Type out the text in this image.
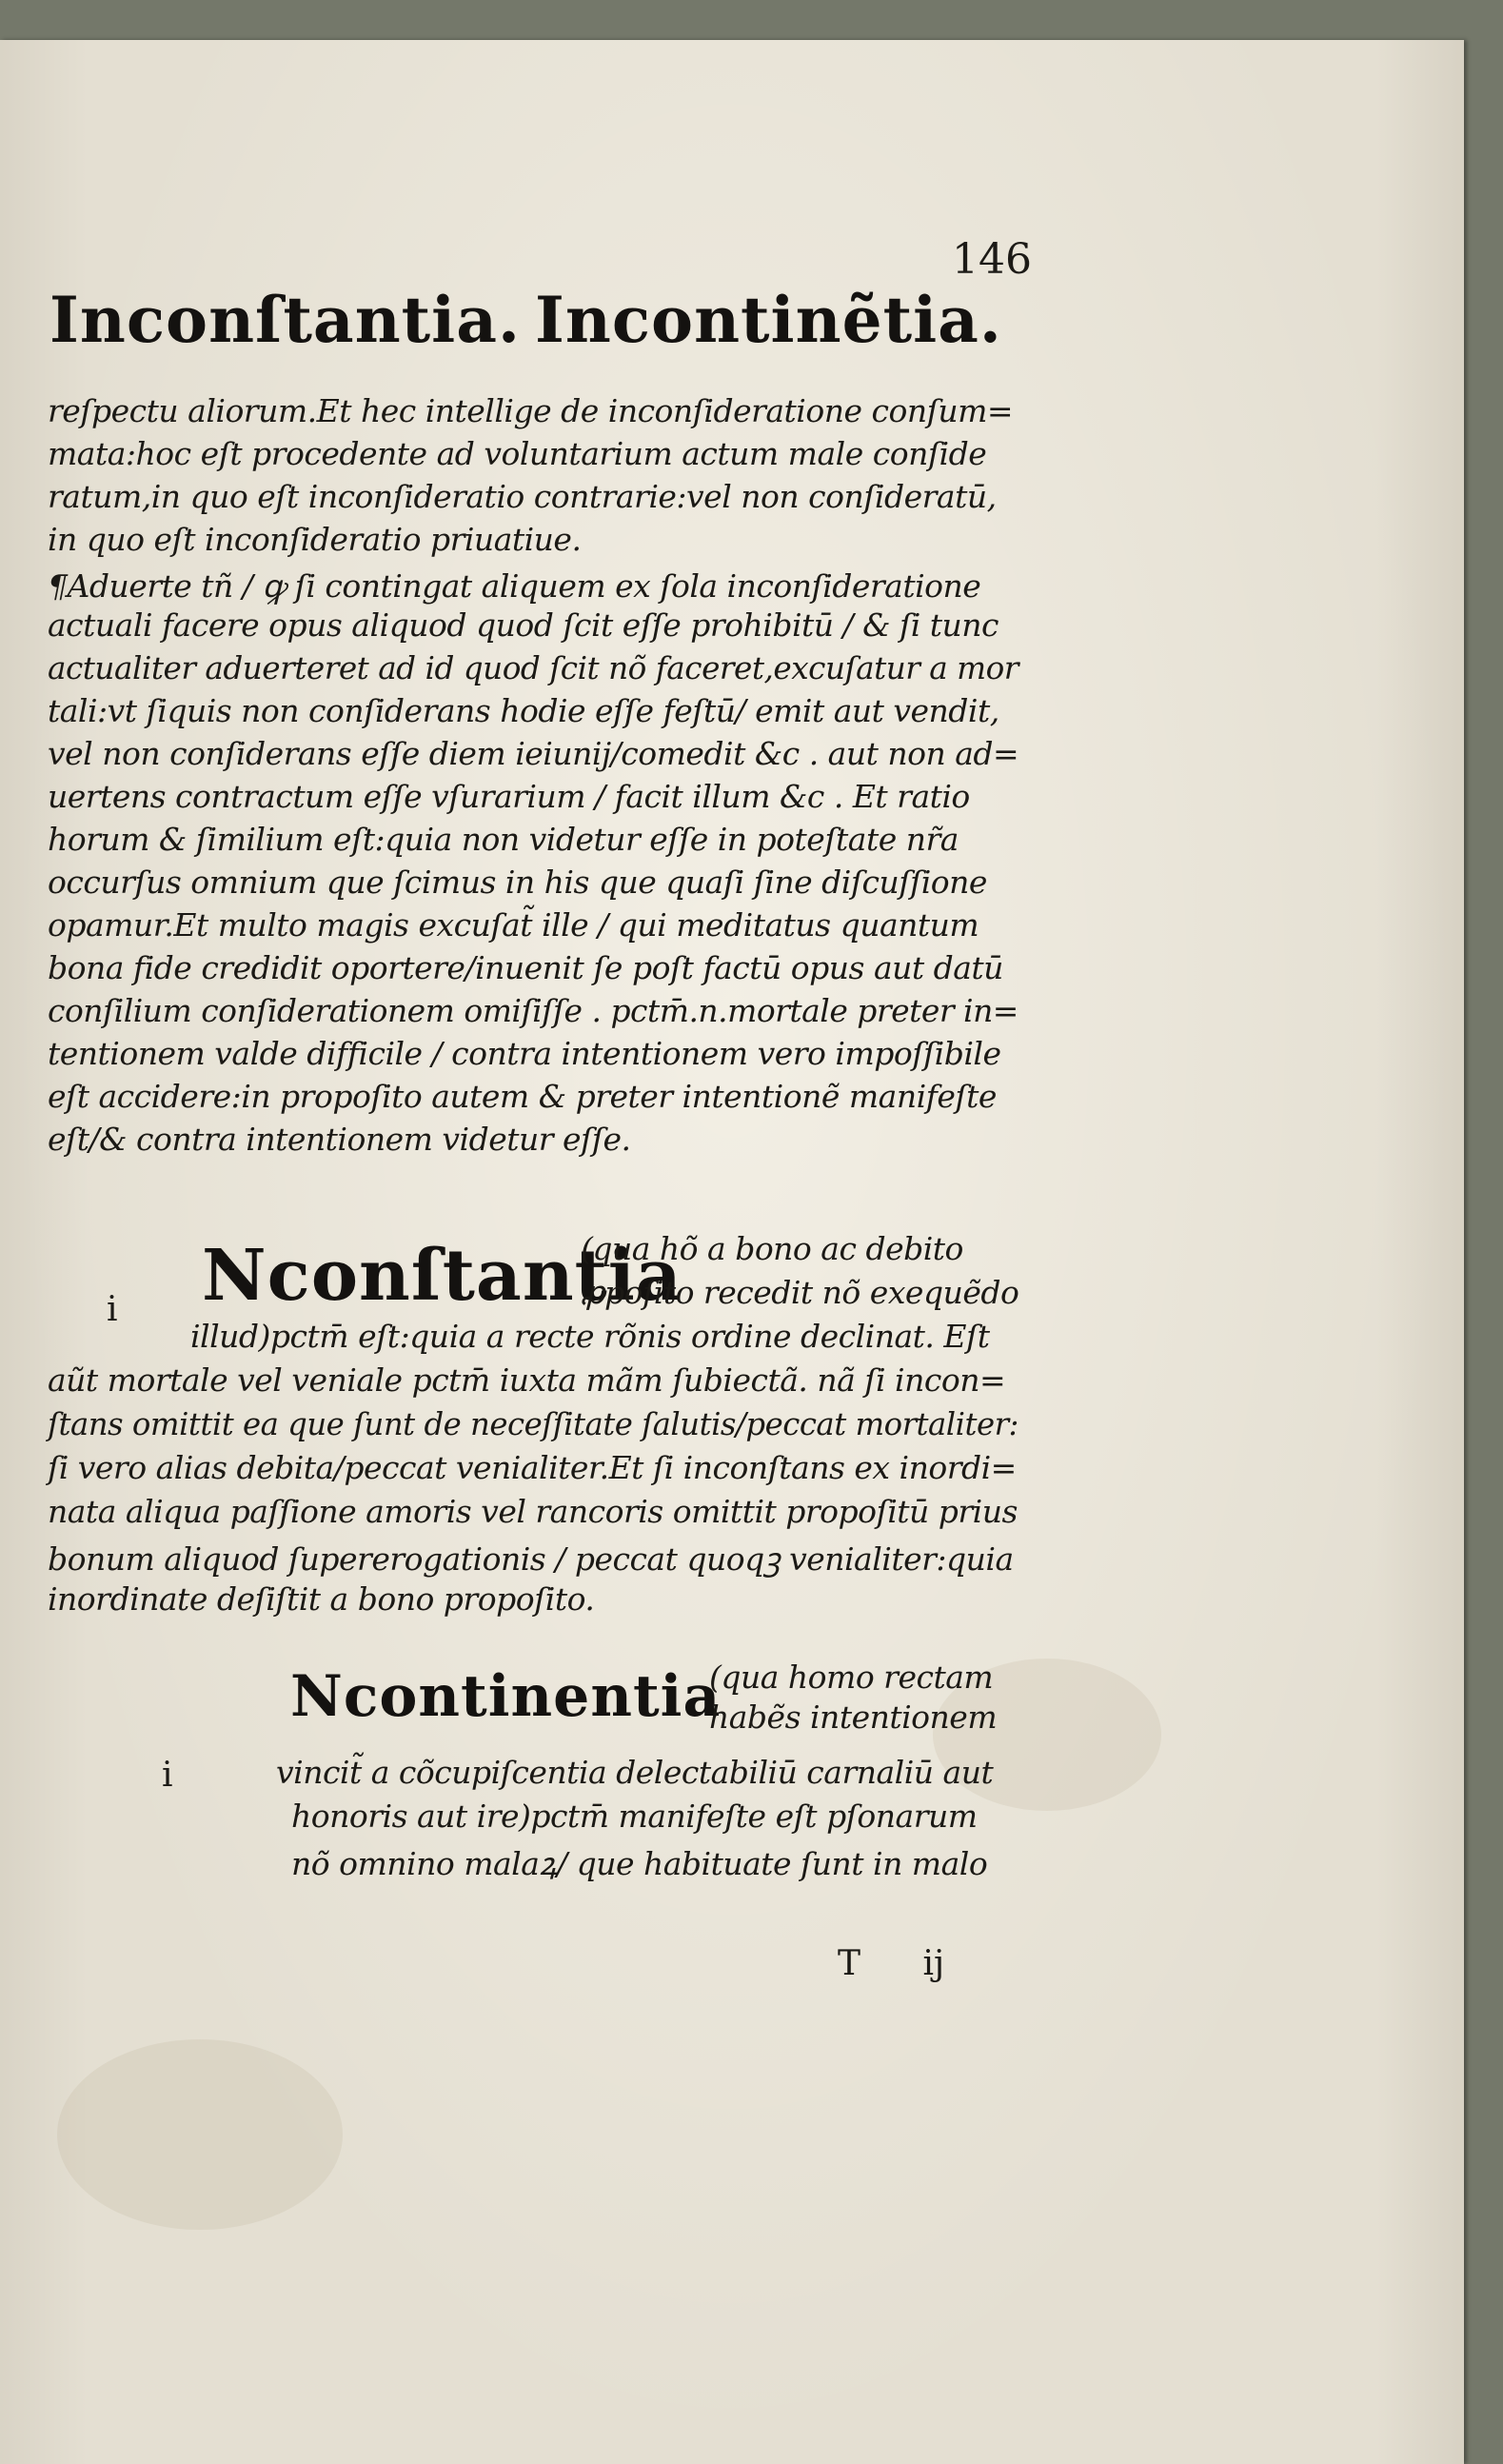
146
Inconſtantia. Incontinẽtia.
reſpectu aliorum.Et hec intellige de inconſideratione conſum=
mata:hoc eſt procedente ad voluntarium actum male conſide
ratum,in quo eſt inconſideratio contrarie:vel non conſideratū,
in quo eſt inconſideratio priuatiue.
¶Aduerte tñ / ꝙ ſi contingat aliquem ex ſola inconſideratione
actuali facere opus aliquod quod ſcit eſſe prohibitū / & ſi tunc
actualiter aduerteret ad id quod ſcit nõ faceret,excuſatur a mor
tali:vt ſiquis non conſiderans hodie eſſe feſtū/ emit aut vendit,
vel non conſiderans eſſe diem ieiunij/comedit &c . aut non ad=
uertens contractum eſſe vſurarium / facit illum &c . Et ratio
horum & ſimilium eſt:quia non videtur eſſe in poteſtate nr̃a
occurſus omnium que ſcimus in his que quaſi ſine diſcuſſione
opamur.Et multo magis excuſat̃ ille / qui meditatus quantum
bona fide credidit oportere/inuenit ſe poſt factū opus aut datū
conſilium conſiderationem omiſiſſe . pctm̄.n.mortale preter in=
tentionem valde difficile / contra intentionem vero impoſſibile
eſt accidere:in propoſito autem & preter intentionẽ manifeſte
eſt/& contra intentionem videtur eſſe.
i Nconſtantia
(qua hõ a bono ac debito
ꝓpoſito recedit nõ exequẽdo
illud)pctm̄ eſt:quia a recte rõnis ordine declinat. Eſt
aũt mortale vel veniale pctm̄ iuxta mãm ſubiectã. nã ſi incon=
ſtans omittit ea que ſunt de neceſſitate ſalutis/peccat mortaliter:
ſi vero alias debita/peccat venialiter.Et ſi inconſtans ex inordi=
nata aliqua paſſione amoris vel rancoris omittit propoſitū prius
bonum aliquod ſupererogationis / peccat quoqꝫ venialiter:quia
inordinate deſiſtit a bono propoſito.
i
Ncontinentia
(qua homo rectam
habẽs intentionem
vincit̃ a cõcupiſcentia delectabiliū carnaliū aut
honoris aut ire)pctm̄ manifeſte eſt pſonarum
nõ omnino malaꝝ/ que habituate ſunt in malo
T ij
